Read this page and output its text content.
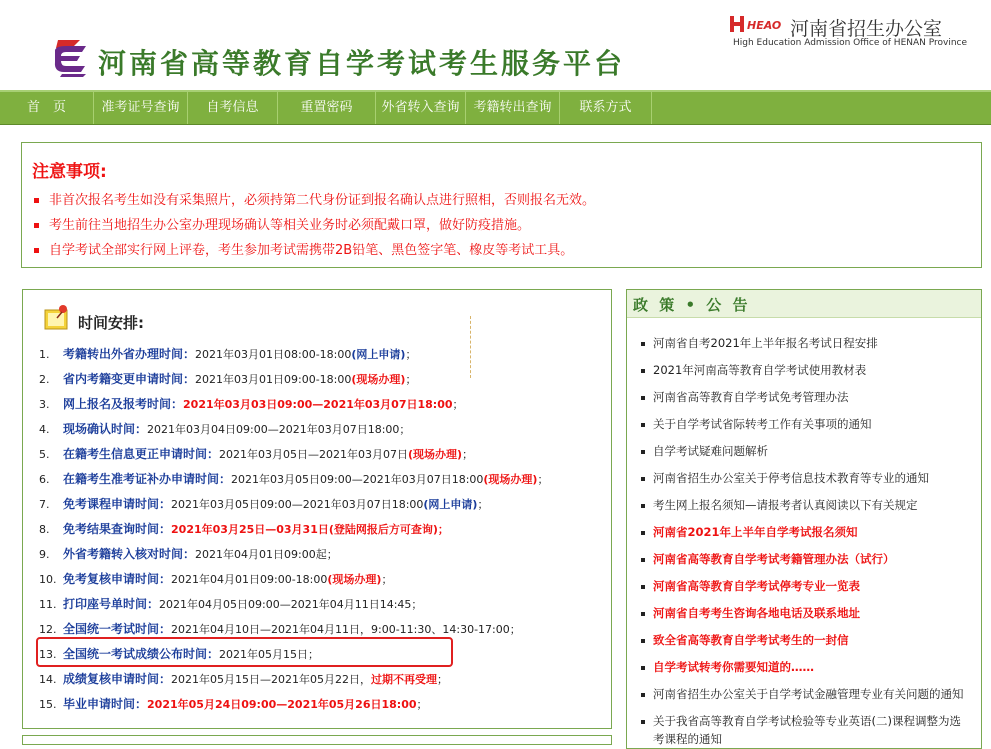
河南省高等教育自学考试考生服务平台
HEAO 河南省招生办公室
High Education Admission Office of HENAN Province
首　页	准考证号查询	自考信息	重置密码	外省转入查询	考籍转出查询	联系方式
注意事项:
非首次报名考生如没有采集照片，必须持第二代身份证到报名确认点进行照相，否则报名无效。
考生前往当地招生办公室办理现场确认等相关业务时必须配戴口罩，做好防疫措施。
自学考试全部实行网上评卷，考生参加考试需携带2B铅笔、黑色签字笔、橡皮等考试工具。
时间安排:
1. 考籍转出外省办理时间：2021年03月01日08:00-18:00(网上申请)；
2. 省内考籍变更申请时间：2021年03月01日09:00-18:00(现场办理)；
3. 网上报名及报考时间：2021年03月03日09:00—2021年03月07日18:00；
4. 现场确认时间：2021年03月04日09:00—2021年03月07日18:00；
5. 在籍考生信息更正申请时间：2021年03月05日—2021年03月07日(现场办理)；
6. 在籍考生准考证补办申请时间：2021年03月05日09:00—2021年03月07日18:00(现场办理)；
7. 免考课程申请时间：2021年03月05日09:00—2021年03月07日18:00(网上申请)；
8. 免考结果查询时间：2021年03月25日—03月31日(登陆网报后方可查询)；
9. 外省考籍转入核对时间：2021年04月01日09:00起；
10. 免考复核申请时间：2021年04月01日09:00-18:00(现场办理)；
11. 打印座号单时间：2021年04月05日09:00—2021年04月11日14:45；
12. 全国统一考试时间：2021年04月10日—2021年04月11日，9:00-11:30、14:30-17:00；
13. 全国统一考试成绩公布时间：2021年05月15日；
14. 成绩复核申请时间：2021年05月15日—2021年05月22日，过期不再受理；
15. 毕业申请时间：2021年05月24日09:00—2021年05月26日18:00；
政 策 • 公 告
河南省自考2021年上半年报名考试日程安排
2021年河南高等教育自学考试使用教材表
河南省高等教育自学考试免考管理办法
关于自学考试省际转考工作有关事项的通知
自学考试疑难问题解析
河南省招生办公室关于停考信息技术教育等专业的通知
考生网上报名须知—请报考者认真阅读以下有关规定
河南省2021年上半年自学考试报名须知
河南省高等教育自学考试考籍管理办法（试行）
河南省高等教育自学考试停考专业一览表
河南省自考考生咨询各地电话及联系地址
致全省高等教育自学考试考生的一封信
自学考试转考你需要知道的……
河南省招生办公室关于自学考试金融管理专业有关问题的通知
关于我省高等教育自学考试检验等专业英语(二)课程调整为选
考课程的通知
